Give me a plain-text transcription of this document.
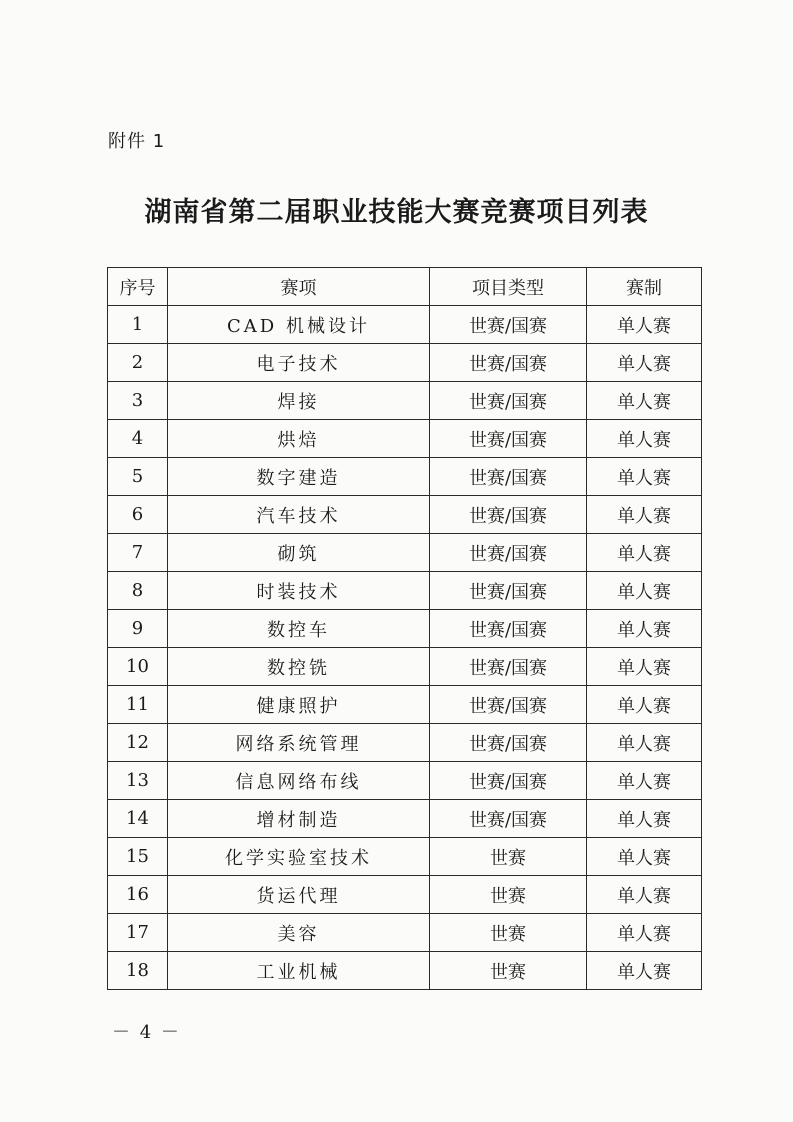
附件 1
湖南省第二届职业技能大赛竞赛项目列表
序号	赛项	项目类型	赛制
1	CAD 机械设计	世赛/国赛	单人赛
2	电子技术	世赛/国赛	单人赛
3	焊接	世赛/国赛	单人赛
4	烘焙	世赛/国赛	单人赛
5	数字建造	世赛/国赛	单人赛
6	汽车技术	世赛/国赛	单人赛
7	砌筑	世赛/国赛	单人赛
8	时装技术	世赛/国赛	单人赛
9	数控车	世赛/国赛	单人赛
10	数控铣	世赛/国赛	单人赛
11	健康照护	世赛/国赛	单人赛
12	网络系统管理	世赛/国赛	单人赛
13	信息网络布线	世赛/国赛	单人赛
14	增材制造	世赛/国赛	单人赛
15	化学实验室技术	世赛	单人赛
16	货运代理	世赛	单人赛
17	美容	世赛	单人赛
18	工业机械	世赛	单人赛
－ 4 －
